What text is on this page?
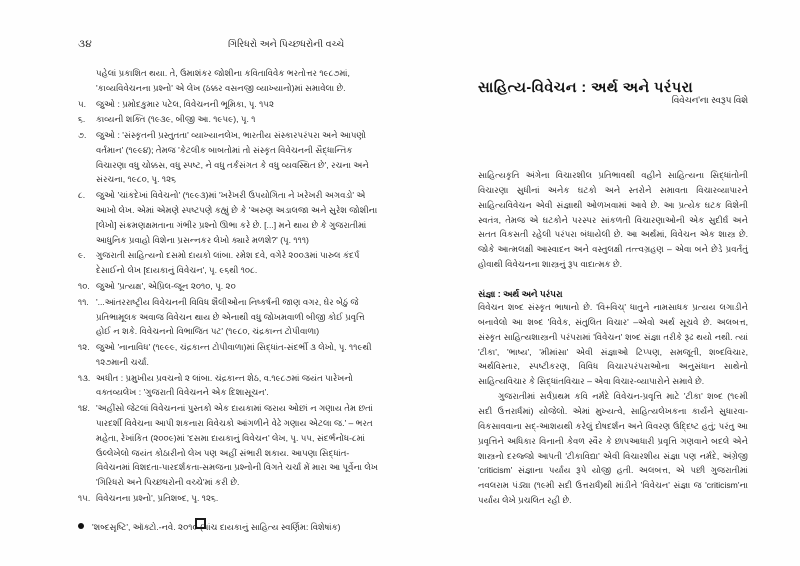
૩૪	ગિરિધરો અને પિચ્છધરોની વચ્ચે

પહેલાં પ્રકાશિત થયા. તે, ઉમાશંકર જોશીના કવિતાવિવેક ભરતોત્તર ૧૯૮૭માં, 'કાવ્યવિવેચનના પ્રશ્નો' એ લેખ (ઠક્કર વસનજી વ્યાખ્યાનો)માં સમાવેલા છે.

૫.	જુઓ : પ્રમોદકુમાર પટેલ, વિવેચનની ભૂમિકા, પૃ. ૧૫૨
૬.	કાવ્યની શક્તિ (૧૯૩૯, બીજી આ. ૧૯૫૯), પૃ. ૧
૭.	જુઓ : 'સંસ્કૃતની પ્રસ્તુતતા' વ્યાખ્યાનલેખ, ભારતીય સંસ્કારપરંપરા અને આપણો વર્તમાન' (૧૯૯૪); તેમજ 'કેટલીક બાબતોમાં તો સંસ્કૃત વિવેચનની સૈદ્ધાન્તિક વિચારણા વધુ ચોક્કસ, વધુ સ્પષ્ટ, ને વધુ તર્કસંગત કે વધુ વ્યવસ્થિત છે', રચના અને સંરચના, ૧૯૮૦, પૃ. ૧૨૬
૮.	જુઓ 'ચાંકદેખાં વિવેચનો' (૧૯૯૩)માં 'ખરેખરી ઉપયોગિતા ને ખરેખરી અગવડો' એ આખો લેખ. એમાં એમણે સ્પષ્ટપણે કહ્યું છે કે 'અરુણ અડાલજા અને સુરેશ જોશીના [લેખો] સંક્રમણક્ષમતાના ગંભીર પ્રશ્નો ઊભા કરે છે. [...] મને થાય છે કે ગુજરાતીમાં આધુનિક પ્રવાહો વિશેના પ્રસન્નકર લેખો ક્યારે મળશે?' (પૃ. ૧૧૧)
૯.	ગુજરાતી સાહિત્યનો દસમો દાયકો લાંબા. રમેશ દવે, વગેરે ૨૦૦૩માં પારુલ કંદર્પ દેસાઈનો લેખ [દાયકાનું વિવેચન', પૃ. ૯૬થી ૧૦૮.
૧૦. જુઓ 'પ્રત્યક્ષ', એપ્રિલ-જૂન ૨૦૧૦, પૃ. ૨૦
૧૧. '...આંતરરાષ્ટ્રીય વિવેચનની વિવિધ શૈલીઓના નિષ્કર્ષની જાણ વગર, ઘેર બેઠું જે પ્રતિભામૂલક અવાજ વિવેચન થાય છે એનાથી વધુ જોખમવાળી બીજી કોઈ પ્રવૃત્તિ હોઈ ન શકે. વિવેચનનો વિભાજિત પટ' (૧૯૮૦, ચંદ્રકાન્ત ટોપીવાળા)
૧૨. જુઓ 'નાનાવિધ' (૧૯૯૯, ચંદ્રકાન્ત ટોપીવાળા)માં સિદ્ધાંત-સંદર્ભી ૩ લેખો, પૃ. ૧૧૯થી ૧૨૭માની ચર્ચા.
૧૩. અધીત : પ્રમુખીય પ્રવચનો ૨ લાંબા. ચંદ્રકાન્ત શેઠ, વ.૧૯૮૭માં જયંત પારેખનો વક્તવ્યલેખ : 'ગુજરાતી વિવેચનને એક દિશાસૂચન'.
૧૪. 'અહીંસો જેટલાં વિવેચનનાં પુસ્તકો એક દાયકામાં જરાય ઓછાં ન ગણાય તેમ છતાં પારદર્શી વિવેચના આપી શકનારા વિવેચકો આંગળીને વેઢે ગણાય એટલા જ.' – ભરત મહેતા, રેખાંકિત (૨૦૦૯)માં 'દસમા દાયકાનું વિવેચન' લેખ, પૃ. ૫૫, સંદર્ભનોંધ-૮માં ઉલ્લેખેલો જયંત કોઠારીનો લેખ પણ અહીં સંભારી શકાય. આપણા સિદ્ધાંત-વિવેચનમાં વિશદતા-પારદર્શકતા-સમજના પ્રશ્નોની વિગતે ચર્ચા મેં મારા આ પૂર્વેના લેખ 'ગિરિધરો અને પિચ્છધરોની વચ્ચે'માં કરી છે.
૧૫. વિવેચનના પ્રશ્નો', પ્રતિશબ્દ, પૃ. ૧૨૬.
'શબ્દસૃષ્ટિ', ઑક્ટો.-નવે. ૨૦૧૦ (પાંચ દાયકાનું સાહિત્ય સ્વર્ણિમ: વિશેષાંક)
સાહિત્ય-વિવેચન : અર્થ અને પરંપરા
વિવેચન'ના સ્વરૂપ વિશે

સાહિત્યકૃતિ અંગેના વિચારશીલ પ્રતિભાવથી વહીને સાહિત્યના સિદ્ધાંતોની વિચારણા સુધીનાં અનેક ઘટકો અને સ્તરોને સમાવતા વિચારવ્યાપારને સાહિત્યવિવેચન એવી સંજ્ઞાથી ઓળખવામાં આવે છે. આ પ્રત્યેક ઘટક વિશેની સ્વતંત્ર, તેમજ એ ઘટકોને પરસ્પર સાંકળતી વિચારણાઓની એક સુદીર્ઘ અને સતત વિકસતી રહેલી પરંપરા બંધાયેલી છે. આ અર્થમાં, વિવેચન એક શાસ્ત્ર છે. જોકે આત્મલક્ષી આસ્વાદન અને વસ્તુલક્ષી તત્ત્વગ્રહણ – એવા બને છેડે પ્રવર્તતું હોવાથી વિવેચનના શાસ્ત્રનું રૂપ વાદાત્મક છે.

સંજ્ઞા : અર્થ અને પરંપરા

વિવેચન શબ્દ સંસ્કૃત ભાષાનો છે. 'વિ+વિચ્' ધાતુને નામસાધક પ્રત્યય લગાડીને બનાવેલો આ શબ્દ 'વિવેક, સંતુલિત વિચાર' –એવો અર્થ સૂચવે છે. અલબત્ત, સંસ્કૃત સાહિત્યશાસ્ત્રની પરંપરામાં 'વિવેચન' શબ્દ સંજ્ઞા તરીકે રૂઢ થયો નથી. ત્યાં 'ટીકા', 'ભાષ્ય', 'મીમાંસા' એવી સંજ્ઞાઓ ટિપ્પણ, સમજૂતી, શબ્દવિચાર, અર્થવિસ્તાર, સ્પષ્ટીકરણ, વિવિધ વિચારપરંપરાઓના અનુસંધાન સાથેનો સાહિત્યવિચાર કે સિદ્ધાંતવિચાર – એવા વિચાર-વ્યાપારોને સમાવે છે.

ગુજરાતીમાં સર્વપ્રથમ કવિ નર્મદે વિવેચન-પ્રવૃત્તિ માટે 'ટીકા' શબ્દ (૧૯મી સદી ઉત્તરાર્ધમાં) યોજેલો. એમાં મુખ્યત્વે, સાહિત્યલેખકના કાર્યને સુધારવા-વિકસાવવાના સદ્-આશયથી કરેલું દોષદર્શન અને વિવરણ ઉદ્દિષ્ટ હતું; પરંતુ આ પ્રવૃત્તિને અધિકાર વિનાની કેવળ સ્વૈર કે છાપઆધારી પ્રવૃત્તિ ગણવાને બદલે એને શાસ્ત્રનો દરજ્જો આપતી 'ટીકાવિદ્યા' એવી વિચારશીય સંજ્ઞા પણ નર્મદે, અંગ્રેજી 'criticism' સંજ્ઞાના પર્યાય રૂપે યોજી હતી. અલબત્ત, એ પછી ગુજરાતીમાં નવલરામ પંડ્યા (૧૯મી સદી ઉત્તરાર્ધ)થી માંડીને 'વિવેચન' સંજ્ઞા જ 'criticism'ના પર્યાય લેખે પ્રચલિત રહી છે.
